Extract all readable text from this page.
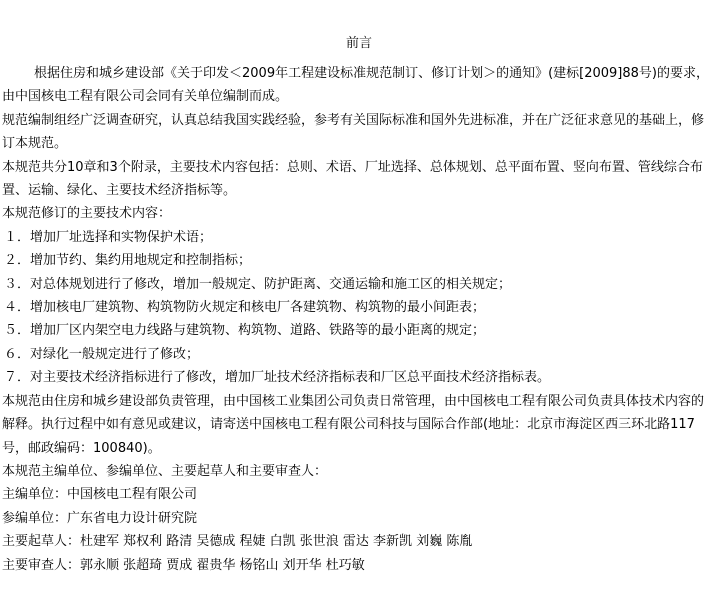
前言

根据住房和城乡建设部《关于印发＜2009年工程建设标准规范制订、修订计划＞的通知》(建标[2009]88号)的要求，由中国核电工程有限公司会同有关单位编制而成。

规范编制组经广泛调查研究，认真总结我国实践经验，参考有关国际标准和国外先进标准，并在广泛征求意见的基础上，修订本规范。

本规范共分10章和3个附录，主要技术内容包括：总则、术语、厂址选择、总体规划、总平面布置、竖向布置、管线综合布置、运输、绿化、主要技术经济指标等。

本规范修订的主要技术内容：

１．增加厂址选择和实物保护术语；

２．增加节约、集约用地规定和控制指标；

３．对总体规划进行了修改，增加一般规定、防护距离、交通运输和施工区的相关规定；

４．增加核电厂建筑物、构筑物防火规定和核电厂各建筑物、构筑物的最小间距表；

５．增加厂区内架空电力线路与建筑物、构筑物、道路、铁路等的最小距离的规定；

６．对绿化一般规定进行了修改；

７．对主要技术经济指标进行了修改，增加厂址技术经济指标表和厂区总平面技术经济指标表。

本规范由住房和城乡建设部负责管理，由中国核工业集团公司负责日常管理，由中国核电工程有限公司负责具体技术内容的解释。执行过程中如有意见或建议，请寄送中国核电工程有限公司科技与国际合作部(地址：北京市海淀区西三环北路117号，邮政编码：100840)。

本规范主编单位、参编单位、主要起草人和主要审查人：

主编单位：中国核电工程有限公司

参编单位：广东省电力设计研究院

主要起草人：杜建军 郑权利 路清 吴德成 程婕 白凯 张世浪 雷达 李新凯 刘巍 陈胤

主要审查人：郭永顺 张超琦 贾成 翟贵华 杨铭山 刘开华 杜巧敏
